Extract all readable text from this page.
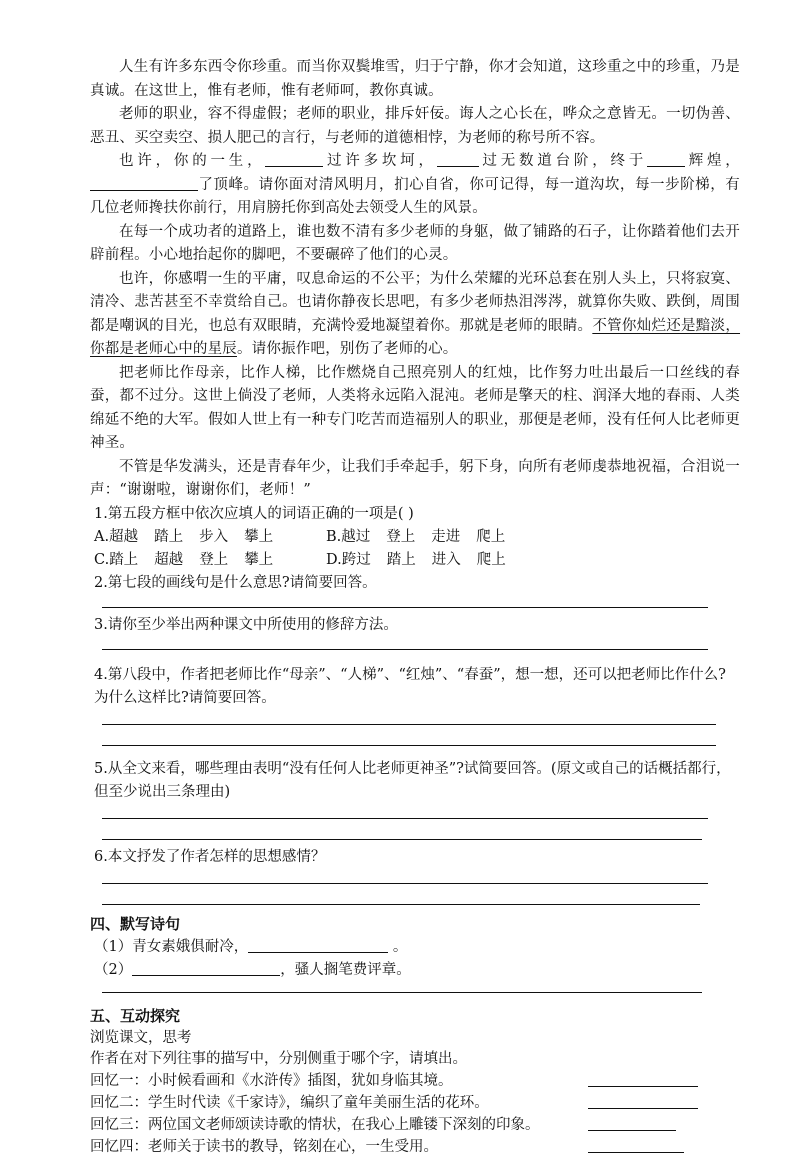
人生有许多东西令你珍重。而当你双鬓堆雪，归于宁静，你才会知道，这珍重之中的珍重，乃是真诚。在这世上，惟有老师，惟有老师呵，教你真诚。

老师的职业，容不得虚假；老师的职业，排斥奸佞。诲人之心长在，哗众之意皆无。一切伪善、恶丑、买空卖空、损人肥己的言行，与老师的道德相悖，为老师的称号所不容。

也许，你的一生，	过许多坎坷，	过无数道台阶，终于	辉煌，了顶峰。请你面对清风明月，扪心自省，你可记得，每一道沟坎，每一步阶梯，有几位老师搀扶你前行，用肩膀托你到高处去领受人生的风景。

在每一个成功者的道路上，谁也数不清有多少老师的身躯，做了铺路的石子，让你踏着他们去开辟前程。小心地抬起你的脚吧，不要碾碎了他们的心灵。

也许，你感喟一生的平庸，叹息命运的不公平；为什么荣耀的光环总套在别人头上，只将寂寞、清冷、悲苦甚至不幸赏给自己。也请你静夜长思吧，有多少老师热泪涔涔，就算你失败、跌倒，周围都是嘲讽的目光，也总有双眼睛，充满怜爱地凝望着你。那就是老师的眼睛。不管你灿烂还是黯淡，你都是老师心中的星辰。请你振作吧，别伤了老师的心。

把老师比作母亲，比作人梯，比作燃烧自己照亮别人的红烛，比作努力吐出最后一口丝线的春蚕，都不过分。这世上倘没了老师，人类将永远陷入混沌。老师是擎天的柱、润泽大地的春雨、人类绵延不绝的大军。假如人世上有一种专门吃苦而造福别人的职业，那便是老师，没有任何人比老师更神圣。

不管是华发满头，还是青春年少，让我们手牵起手，躬下身，向所有老师虔恭地祝福，合泪说一声：“谢谢啦，谢谢你们，老师！”

1.第五段方框中依次应填人的词语正确的一项是( )

A.超越 踏上 步入 攀上	B.越过 登上 走进 爬上
C.踏上 超越 登上 攀上	D.跨过 踏上 进入 爬上

2.第七段的画线句是什么意思?请简要回答。

3.请你至少举出两种课文中所使用的修辞方法。

4.第八段中，作者把老师比作“母亲”、“人梯”、“红烛”、“春蚕”，想一想，还可以把老师比作什么?为什么这样比?请简要回答。

5.从全文来看，哪些理由表明“没有任何人比老师更神圣”?试简要回答。(原文或自己的话概括都行，但至少说出三条理由)

6.本文抒发了作者怎样的思想感情？

四、默写诗句

（1）青女素娥俱耐冷，	。
（2）	，骚人搁笔费评章。

五、互动探究

浏览课文，思考

作者在对下列往事的描写中，分别侧重于哪个字，请填出。

回忆一：小时候看画和《水浒传》插图，犹如身临其境。
回忆二：学生时代读《千家诗》，编织了童年美丽生活的花环。
回忆三：两位国文老师颂读诗歌的情状，在我心上雕镂下深刻的印象。
回忆四：老师关于读书的教导，铭刻在心，一生受用。
